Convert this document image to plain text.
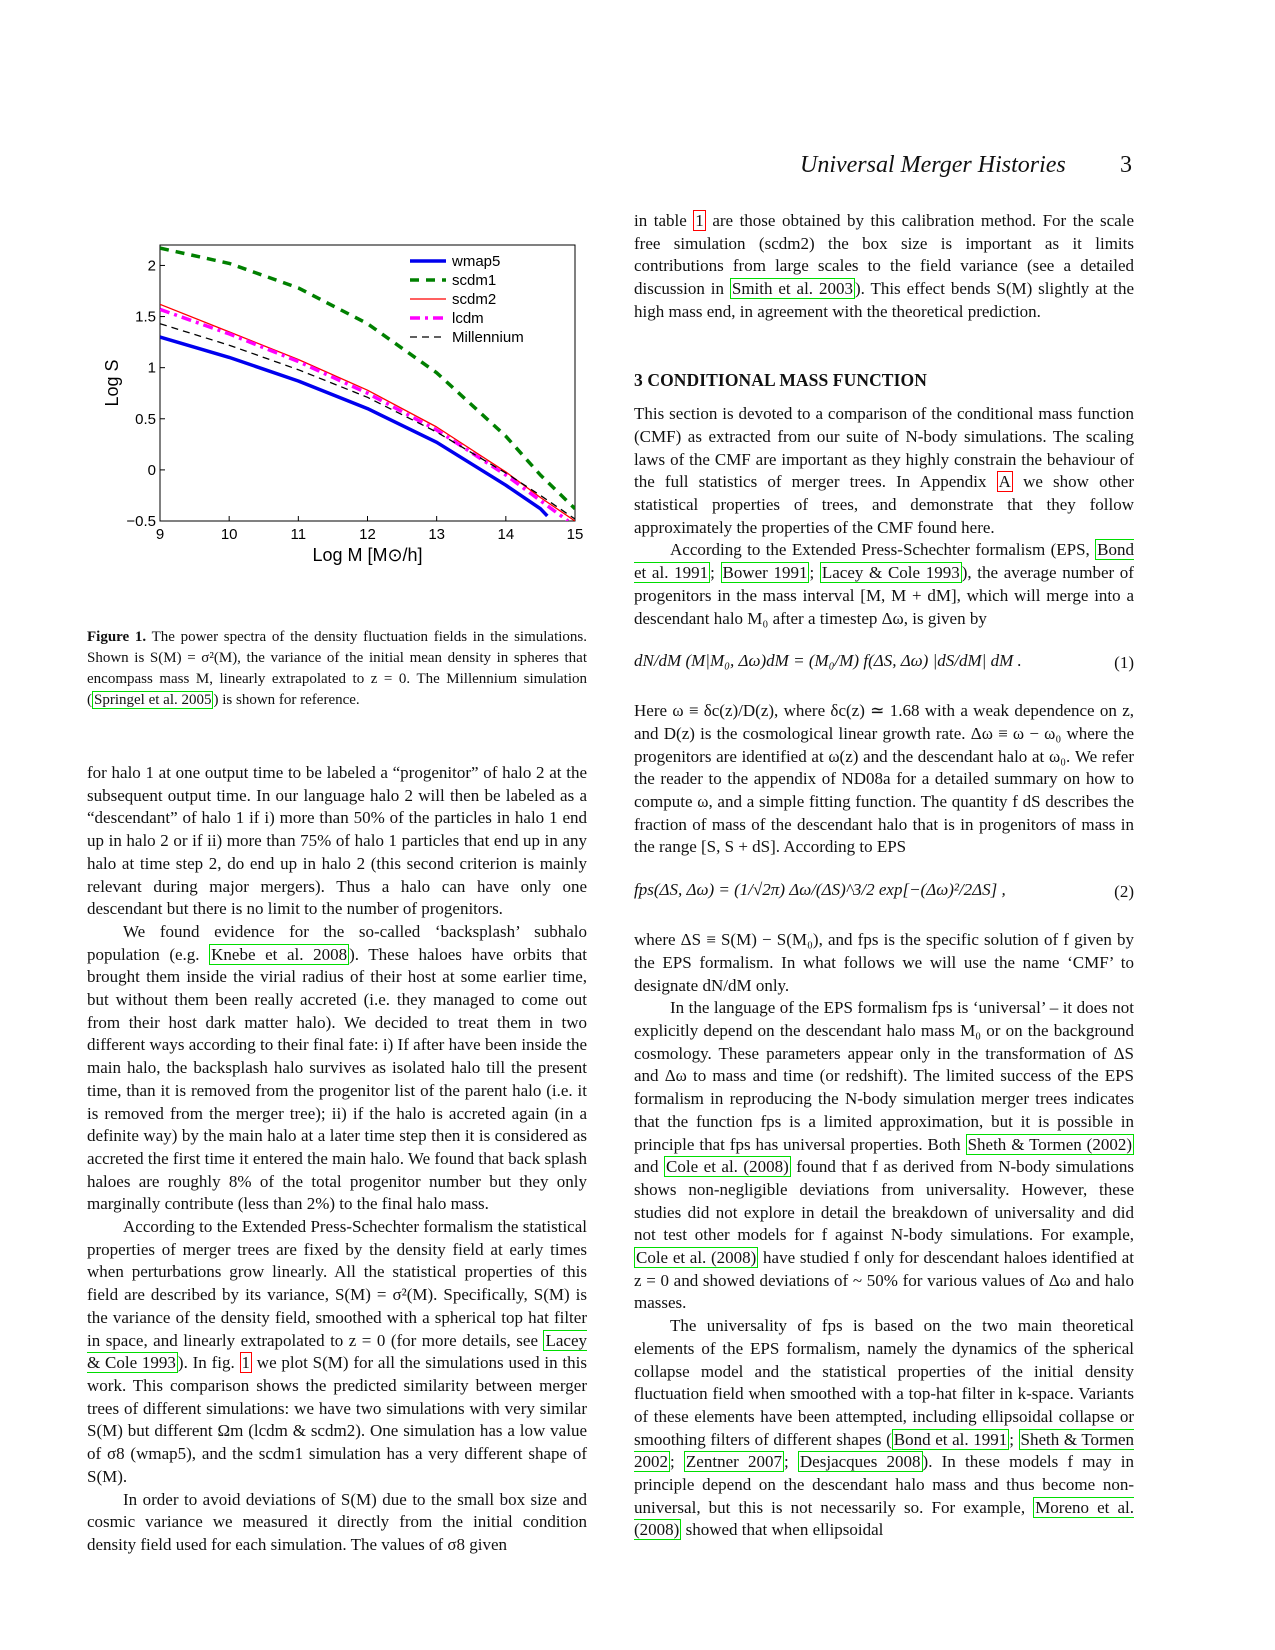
Universal Merger Histories 3
9	10	11	12	13	14	15
−0.5
0
0.5
1
1.5
2
Log M [M⊙/h]
Log S
wmap5
scdm1
scdm2
lcdm
Millennium
Figure 1. The power spectra of the density fluctuation fields in the simulations. Shown is S(M) = σ²(M), the variance of the initial mean density in spheres that encompass mass M, linearly extrapolated to z = 0. The Millennium simulation ( Springel et al. 2005 ) is shown for reference.

for halo 1 at one output time to be labeled a “progenitor” of halo 2 at the subsequent output time. In our language halo 2 will then be labeled as a “descendant” of halo 1 if i) more than 50% of the particles in halo 1 end up in halo 2 or if ii) more than 75% of halo 1 particles that end up in any halo at time step 2, do end up in halo 2 (this second criterion is mainly relevant during major mergers). Thus a halo can have only one descendant but there is no limit to the number of progenitors.

We found evidence for the so-called ‘backsplash’ subhalo population (e.g. Knebe et al. 2008 ). These haloes have orbits that brought them inside the virial radius of their host at some earlier time, but without them been really accreted (i.e. they managed to come out from their host dark matter halo). We decided to treat them in two different ways according to their final fate: i) If after have been inside the main halo, the backsplash halo survives as isolated halo till the present time, than it is removed from the progenitor list of the parent halo (i.e. it is removed from the merger tree); ii) if the halo is accreted again (in a definite way) by the main halo at a later time step then it is considered as accreted the first time it entered the main halo. We found that back splash haloes are roughly 8% of the total progenitor number but they only marginally contribute (less than 2%) to the final halo mass.

According to the Extended Press-Schechter formalism the statistical properties of merger trees are fixed by the density field at early times when perturbations grow linearly. All the statistical properties of this field are described by its variance, S(M) = σ²(M). Specifically, S(M) is the variance of the density field, smoothed with a spherical top hat filter in space, and linearly extrapolated to z = 0 (for more details, see Lacey & Cole 1993 ). In fig. 1 we plot S(M) for all the simulations used in this work. This comparison shows the predicted similarity between merger trees of different simulations: we have two simulations with very similar S(M) but different Ωm (lcdm & scdm2). One simulation has a low value of σ8 (wmap5), and the scdm1 simulation has a very different shape of S(M).

In order to avoid deviations of S(M) due to the small box size and cosmic variance we measured it directly from the initial condition density field used for each simulation. The values of σ8 given

in table 1 are those obtained by this calibration method. For the scale free simulation (scdm2) the box size is important as it limits contributions from large scales to the field variance (see a detailed discussion in Smith et al. 2003 ). This effect bends S(M) slightly at the high mass end, in agreement with the theoretical prediction.

3 CONDITIONAL MASS FUNCTION

This section is devoted to a comparison of the conditional mass function (CMF) as extracted from our suite of N-body simulations. The scaling laws of the CMF are important as they highly constrain the behaviour of the full statistics of merger trees. In Appendix A we show other statistical properties of trees, and demonstrate that they follow approximately the properties of the CMF found here.

According to the Extended Press-Schechter formalism (EPS, Bond et al. 1991 ; Bower 1991 ; Lacey & Cole 1993 ), the average number of progenitors in the mass interval [M, M + dM], which will merge into a descendant halo M₀ after a timestep Δω, is given by

dN/dM (M|M₀, Δω)dM = (M₀/M) f(ΔS, Δω) |dS/dM| dM .	(1)

Here ω ≡ δc(z)/D(z), where δc(z) ≃ 1.68 with a weak dependence on z, and D(z) is the cosmological linear growth rate. Δω ≡ ω − ω₀ where the progenitors are identified at ω(z) and the descendant halo at ω₀. We refer the reader to the appendix of ND08a for a detailed summary on how to compute ω, and a simple fitting function. The quantity f dS describes the fraction of mass of the descendant halo that is in progenitors of mass in the range [S, S + dS]. According to EPS

fps(ΔS, Δω) = (1/√2π) Δω/(ΔS)^3/2 exp[−(Δω)²/2ΔS] ,	(2)

where ΔS ≡ S(M) − S(M₀), and fps is the specific solution of f given by the EPS formalism. In what follows we will use the name ‘CMF’ to designate dN/dM only.

In the language of the EPS formalism fps is ‘universal’ – it does not explicitly depend on the descendant halo mass M₀ or on the background cosmology. These parameters appear only in the transformation of ΔS and Δω to mass and time (or redshift). The limited success of the EPS formalism in reproducing the N-body simulation merger trees indicates that the function fps is a limited approximation, but it is possible in principle that fps has universal properties. Both Sheth & Tormen (2002) and Cole et al. (2008) found that f as derived from N-body simulations shows non-negligible deviations from universality. However, these studies did not explore in detail the breakdown of universality and did not test other models for f against N-body simulations. For example, Cole et al. (2008) have studied f only for descendant haloes identified at z = 0 and showed deviations of ~ 50% for various values of Δω and halo masses.

The universality of fps is based on the two main theoretical elements of the EPS formalism, namely the dynamics of the spherical collapse model and the statistical properties of the initial density fluctuation field when smoothed with a top-hat filter in k-space. Variants of these elements have been attempted, including ellipsoidal collapse or smoothing filters of different shapes ( Bond et al. 1991 ; Sheth & Tormen 2002 ; Zentner 2007 ; Desjacques 2008 ). In these models f may in principle depend on the descendant halo mass and thus become non-universal, but this is not necessarily so. For example, Moreno et al. (2008) showed that when ellipsoidal
